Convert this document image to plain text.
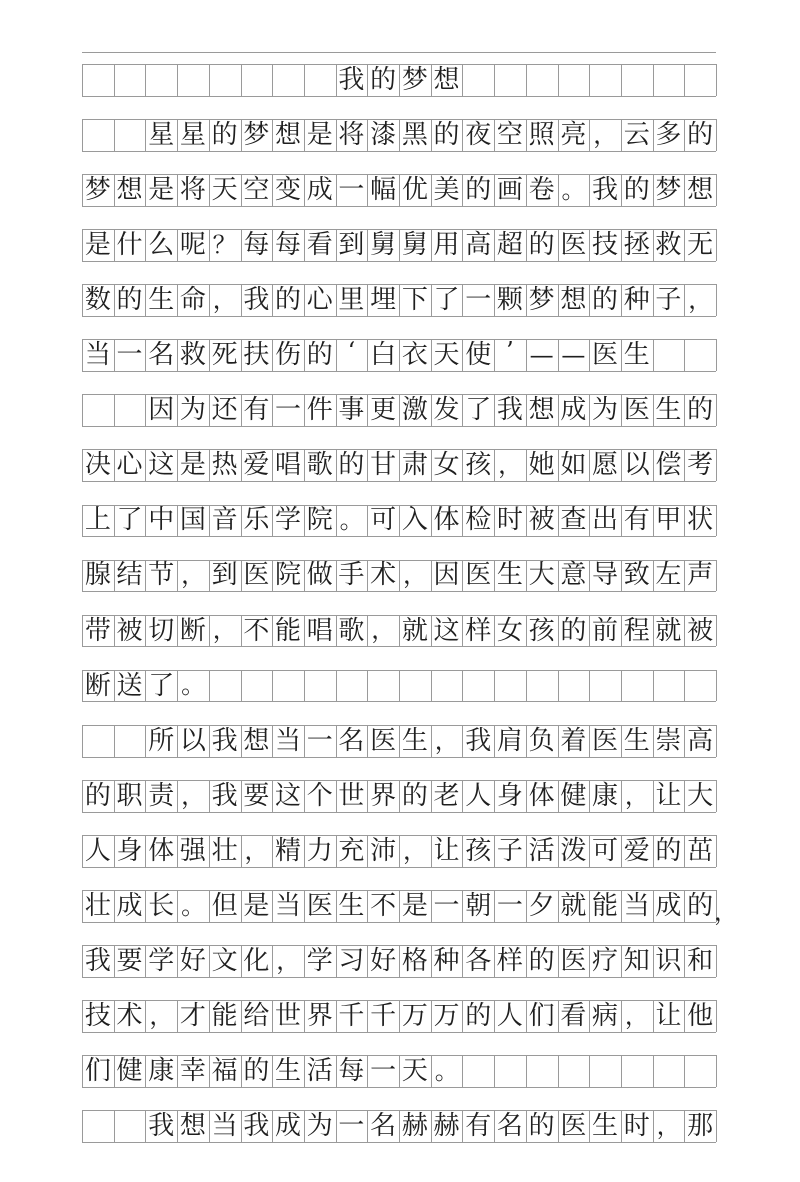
我 的 梦 想
星 星 的 梦 想 是 将 漆 黑 的 夜 空 照 亮 ， 云 多 的
梦 想 是 将 天 空 变 成 一 幅 优 美 的 画 卷 。 我 的 梦 想
是 什 么 呢 ？ 每 每 看 到 舅 舅 用 高 超 的 医 技 拯 救 无
数 的 生 命 ， 我 的 心 里 埋 下 了 一 颗 梦 想 的 种 子 ，
当 一 名 救 死 扶 伤 的 ‘ 白 衣 天 使 ’ — — 医 生
因 为 还 有 一 件 事 更 激 发 了 我 想 成 为 医 生 的
决 心 这 是 热 爱 唱 歌 的 甘 肃 女 孩 ， 她 如 愿 以 偿 考
上 了 中 国 音 乐 学 院 。 可 入 体 检 时 被 查 出 有 甲 状
腺 结 节 ， 到 医 院 做 手 术 ， 因 医 生 大 意 导 致 左 声
带 被 切 断 ， 不 能 唱 歌 ， 就 这 样 女 孩 的 前 程 就 被
断 送 了 。
所 以 我 想 当 一 名 医 生 ， 我 肩 负 着 医 生 崇 高
的 职 责 ， 我 要 这 个 世 界 的 老 人 身 体 健 康 ， 让 大
人 身 体 强 壮 ， 精 力 充 沛 ， 让 孩 子 活 泼 可 爱 的 茁
壮 成 长 。 但 是 当 医 生 不 是 一 朝 一 夕 就 能 当 成 的
我 要 学 好 文 化 ， 学 习 好 格 种 各 样 的 医 疗 知 识 和
技 术 ， 才 能 给 世 界 千 千 万 万 的 人 们 看 病 ， 让 他
们 健 康 幸 福 的 生 活 每 一 天 。
我 想 当 我 成 为 一 名 赫 赫 有 名 的 医 生 时 ， 那
，
